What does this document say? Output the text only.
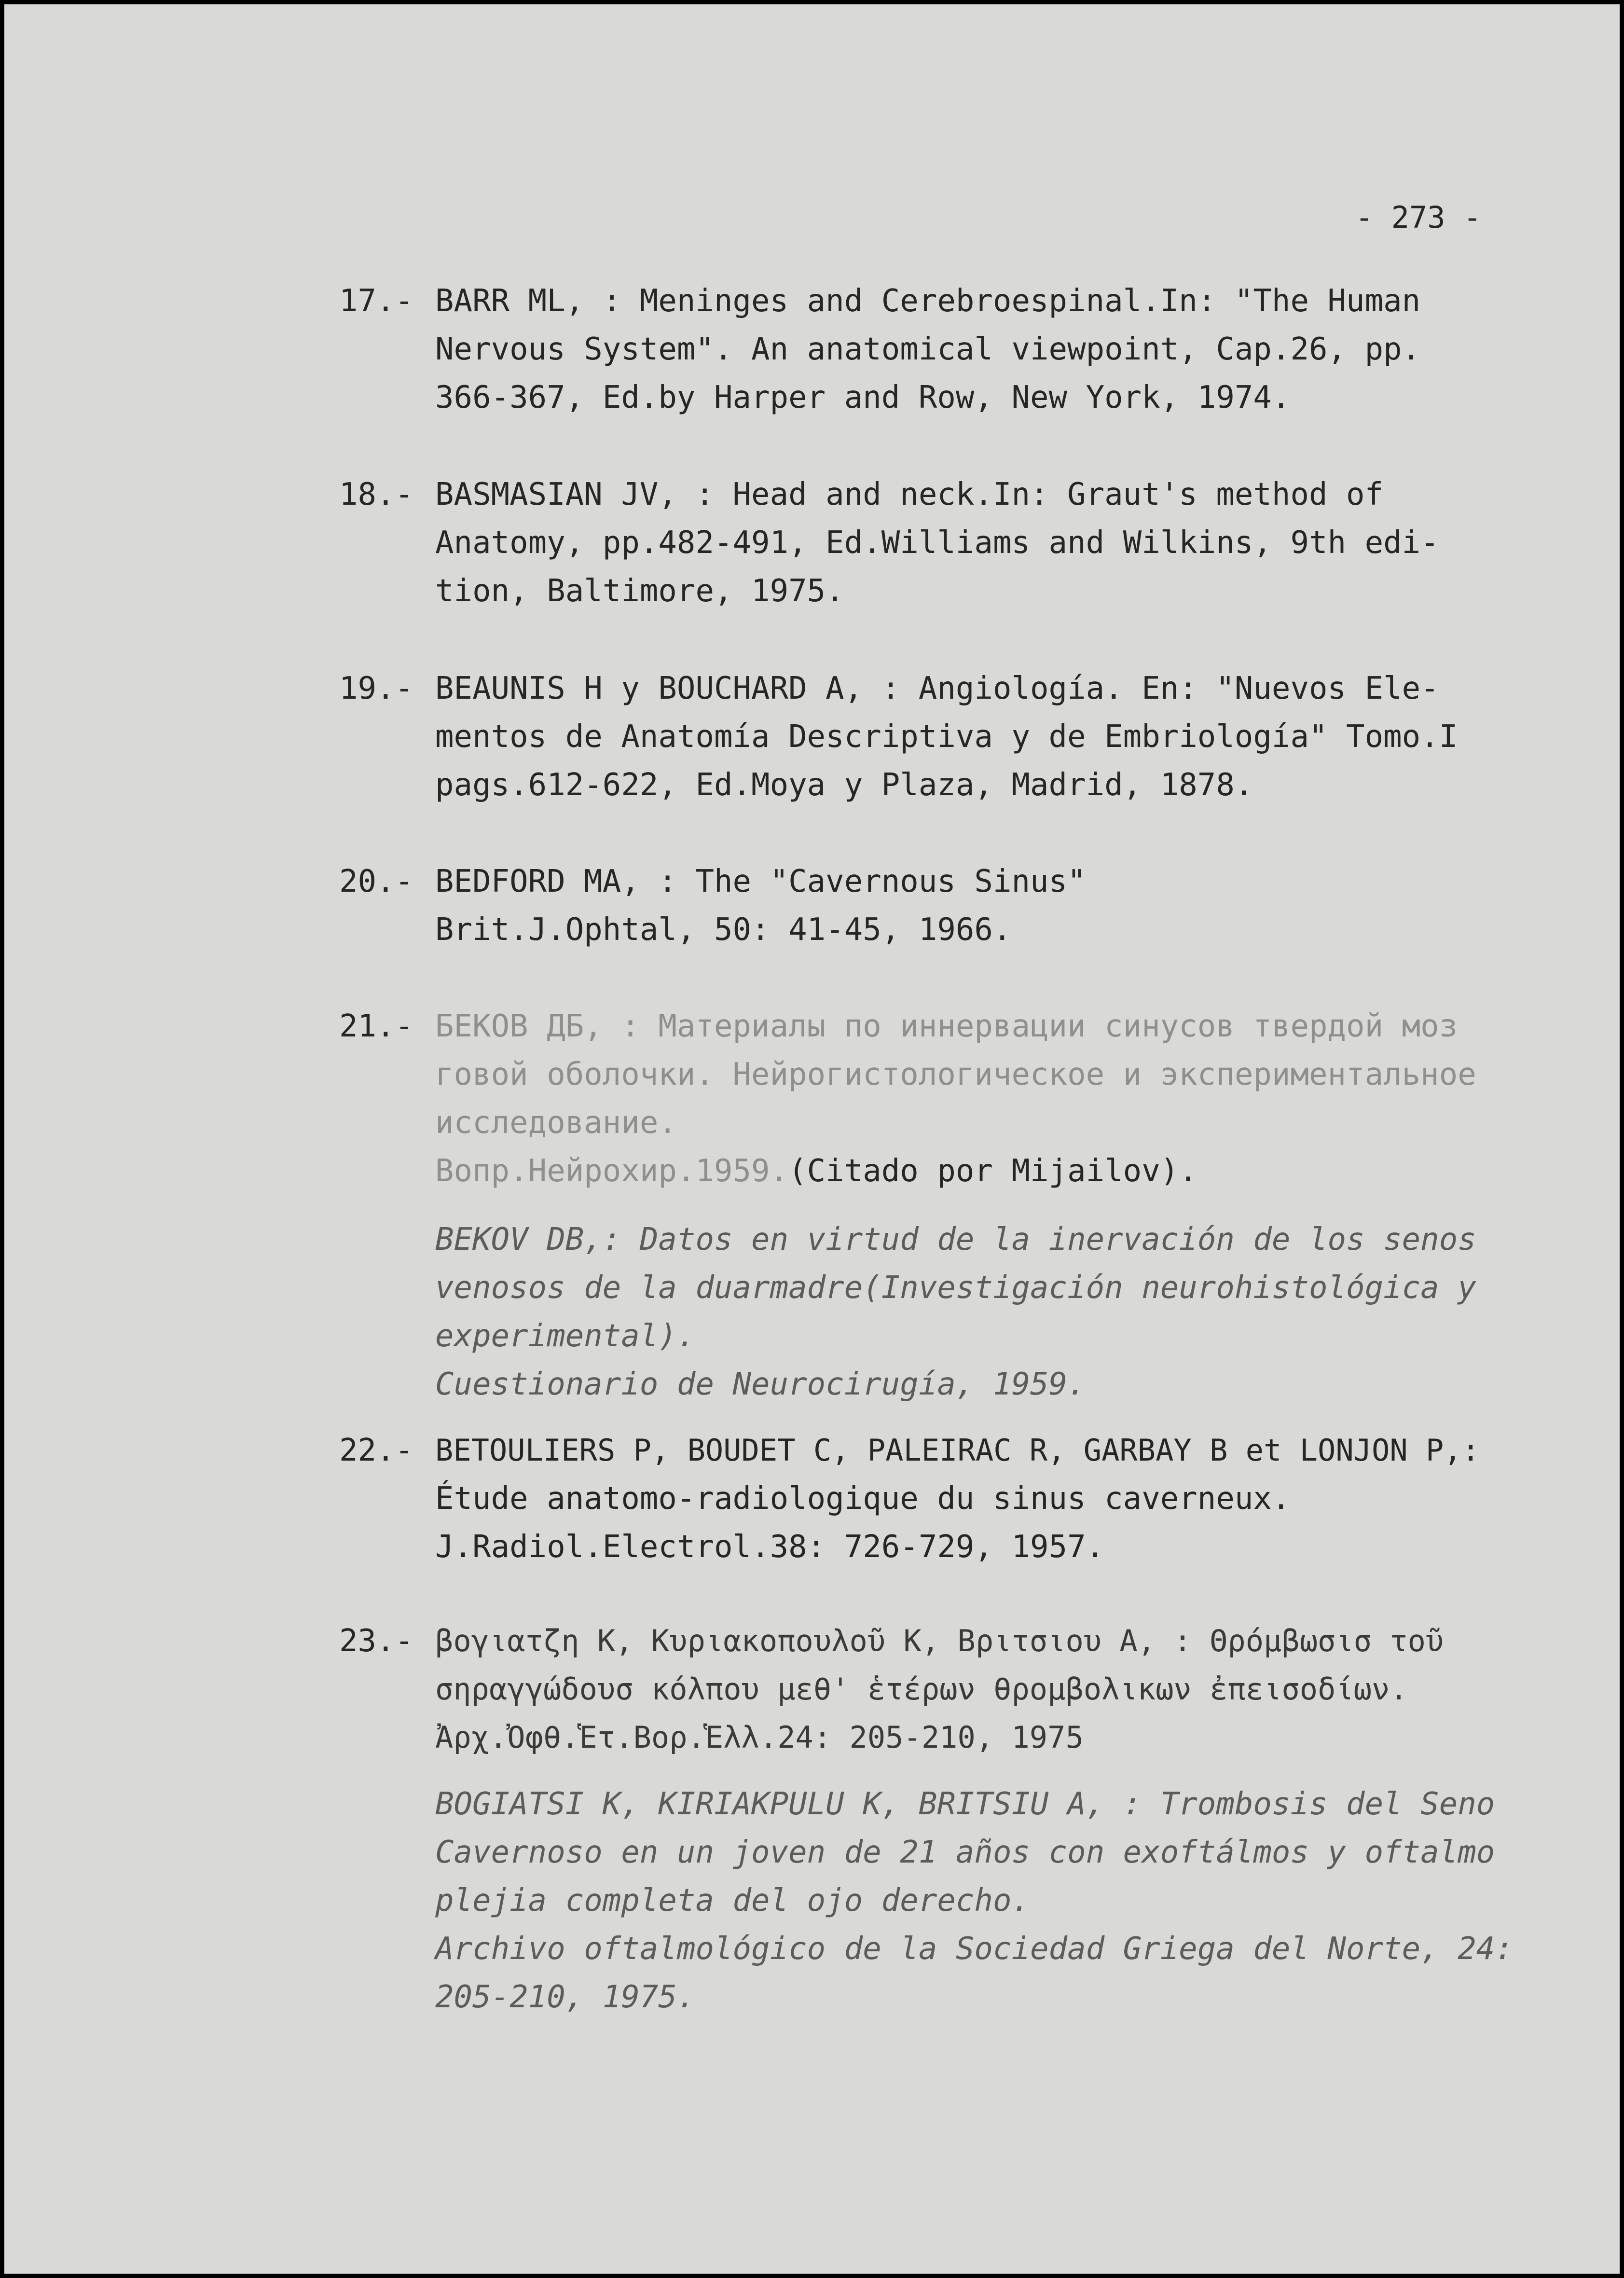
- 273 -
17.- BARR ML, : Meninges and Cerebroespinal.In: "The Human
Nervous System". An anatomical viewpoint, Cap.26, pp.
366-367, Ed.by Harper and Row, New York, 1974.
18.- BASMASIAN JV, : Head and neck.In: Graut's method of
Anatomy, pp.482-491, Ed.Williams and Wilkins, 9th edi-
tion, Baltimore, 1975.
19.- BEAUNIS H y BOUCHARD A, : Angiología. En: "Nuevos Ele-
mentos de Anatomía Descriptiva y de Embriología" Tomo.I
pags.612-622, Ed.Moya y Plaza, Madrid, 1878.
20.- BEDFORD MA, : The "Cavernous Sinus"
Brit.J.Ophtal, 50: 41-45, 1966.
21.- БЕКОВ ДБ, : Материалы по иннервации синусов твердой моз
говой оболочки. Нейрогистологическое и экспериментальное
исследование.
Вопр.Нейрохир.1959.(Citado por Mijailov).
BEKOV DB,: Datos en virtud de la inervación de los senos
venosos de la duarmadre(Investigación neurohistológica y
experimental).
Cuestionario de Neurocirugía, 1959.
22.- BETOULIERS P, BOUDET C, PALEIRAC R, GARBAY B et LONJON P,:
Étude anatomo-radiologique du sinus caverneux.
J.Radiol.Electrol.38: 726-729, 1957.
23.- βογιατζη Κ, Κυριακοπουλοῦ Κ, Βριτσιου Α, : Θρόμβωσισ τοῦ
σηραγγώδουσ κόλπου μεθ' ἑτέρων θρομβολικων ἐπεισοδίων.
Ἀρχ.Ὀφθ.Ἑτ.Βορ.Ἑλλ.24: 205-210, 1975
BOGIATSI K, KIRIAKPULU K, BRITSIU A, : Trombosis del Seno
Cavernoso en un joven de 21 años con exoftálmos y oftalmo
plejia completa del ojo derecho.
Archivo oftalmológico de la Sociedad Griega del Norte, 24:
205-210, 1975.
